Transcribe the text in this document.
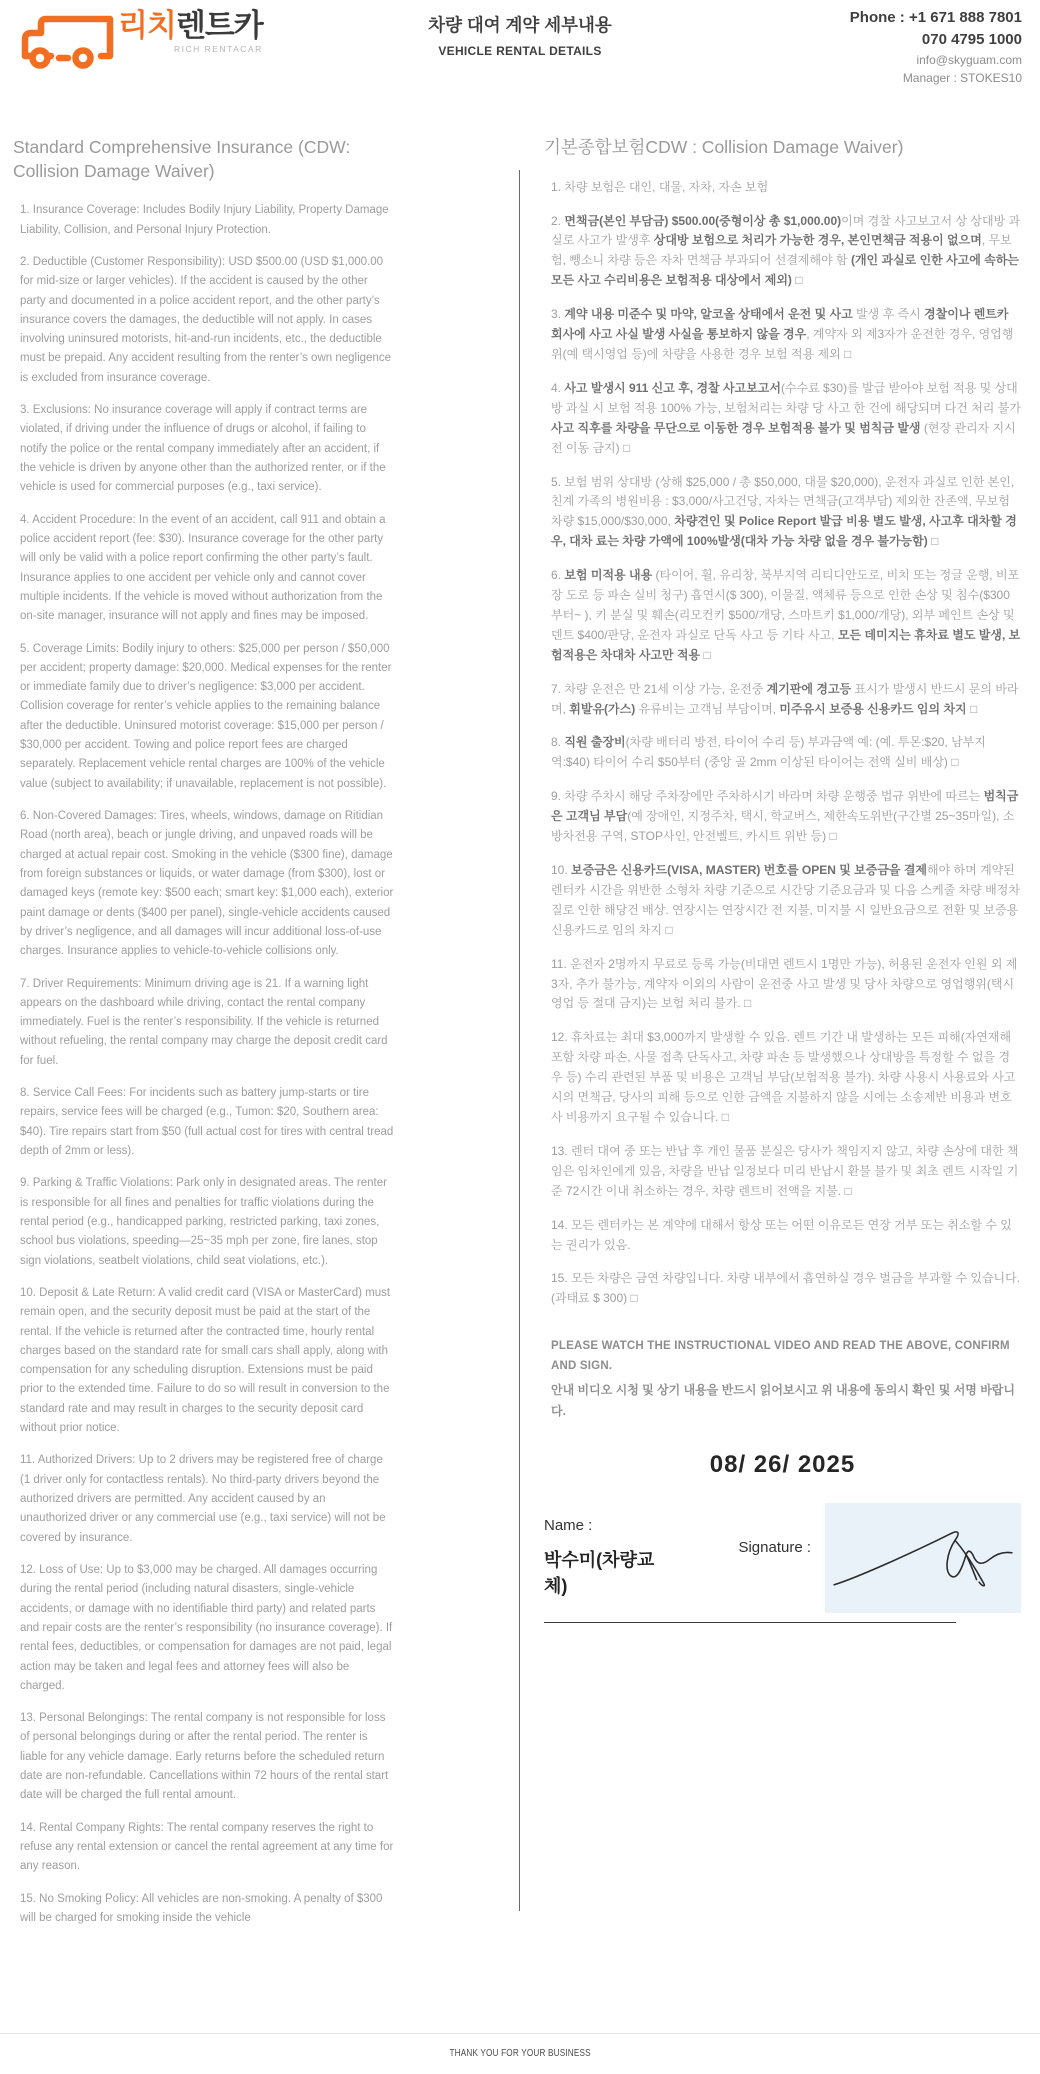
리치렌트카
RICH RENTACAR
차량 대여 계약 세부내용
VEHICLE RENTAL DETAILS
Phone : +1 671 888 7801
070 4795 1000
info@skyguam.com
Manager : STOKES10
Standard Comprehensive Insurance (CDW: Collision Damage Waiver)

1. Insurance Coverage: Includes Bodily Injury Liability, Property Damage Liability, Collision, and Personal Injury Protection.

2. Deductible (Customer Responsibility): USD $500.00 (USD $1,000.00 for mid-size or larger vehicles). If the accident is caused by the other party and documented in a police accident report, and the other party’s insurance covers the damages, the deductible will not apply. In cases involving uninsured motorists, hit-and-run incidents, etc., the deductible must be prepaid. Any accident resulting from the renter’s own negligence is excluded from insurance coverage.

3. Exclusions: No insurance coverage will apply if contract terms are violated, if driving under the influence of drugs or alcohol, if failing to notify the police or the rental company immediately after an accident, if the vehicle is driven by anyone other than the authorized renter, or if the vehicle is used for commercial purposes (e.g., taxi service).

4. Accident Procedure: In the event of an accident, call 911 and obtain a police accident report (fee: $30). Insurance coverage for the other party will only be valid with a police report confirming the other party’s fault. Insurance applies to one accident per vehicle only and cannot cover multiple incidents. If the vehicle is moved without authorization from the on-site manager, insurance will not apply and fines may be imposed.

5. Coverage Limits: Bodily injury to others: $25,000 per person / $50,000 per accident; property damage: $20,000. Medical expenses for the renter or immediate family due to driver’s negligence: $3,000 per accident. Collision coverage for renter’s vehicle applies to the remaining balance after the deductible. Uninsured motorist coverage: $15,000 per person / $30,000 per accident. Towing and police report fees are charged separately. Replacement vehicle rental charges are 100% of the vehicle value (subject to availability; if unavailable, replacement is not possible).

6. Non-Covered Damages: Tires, wheels, windows, damage on Ritidian Road (north area), beach or jungle driving, and unpaved roads will be charged at actual repair cost. Smoking in the vehicle ($300 fine), damage from foreign substances or liquids, or water damage (from $300), lost or damaged keys (remote key: $500 each; smart key: $1,000 each), exterior paint damage or dents ($400 per panel), single-vehicle accidents caused by driver’s negligence, and all damages will incur additional loss-of-use charges. Insurance applies to vehicle-to-vehicle collisions only.

7. Driver Requirements: Minimum driving age is 21. If a warning light appears on the dashboard while driving, contact the rental company immediately. Fuel is the renter’s responsibility. If the vehicle is returned without refueling, the rental company may charge the deposit credit card for fuel.

8. Service Call Fees: For incidents such as battery jump-starts or tire repairs, service fees will be charged (e.g., Tumon: $20, Southern area: $40). Tire repairs start from $50 (full actual cost for tires with central tread depth of 2mm or less).

9. Parking & Traffic Violations: Park only in designated areas. The renter is responsible for all fines and penalties for traffic violations during the rental period (e.g., handicapped parking, restricted parking, taxi zones, school bus violations, speeding—25~35 mph per zone, fire lanes, stop sign violations, seatbelt violations, child seat violations, etc.).

10. Deposit & Late Return: A valid credit card (VISA or MasterCard) must remain open, and the security deposit must be paid at the start of the rental. If the vehicle is returned after the contracted time, hourly rental charges based on the standard rate for small cars shall apply, along with compensation for any scheduling disruption. Extensions must be paid prior to the extended time. Failure to do so will result in conversion to the standard rate and may result in charges to the security deposit card without prior notice.

11. Authorized Drivers: Up to 2 drivers may be registered free of charge (1 driver only for contactless rentals). No third-party drivers beyond the authorized drivers are permitted. Any accident caused by an unauthorized driver or any commercial use (e.g., taxi service) will not be covered by insurance.

12. Loss of Use: Up to $3,000 may be charged. All damages occurring during the rental period (including natural disasters, single-vehicle accidents, or damage with no identifiable third party) and related parts and repair costs are the renter’s responsibility (no insurance coverage). If rental fees, deductibles, or compensation for damages are not paid, legal action may be taken and legal fees and attorney fees will also be charged.

13. Personal Belongings: The rental company is not responsible for loss of personal belongings during or after the rental period. The renter is liable for any vehicle damage. Early returns before the scheduled return date are non-refundable. Cancellations within 72 hours of the rental start date will be charged the full rental amount.

14. Rental Company Rights: The rental company reserves the right to refuse any rental extension or cancel the rental agreement at any time for any reason.

15. No Smoking Policy: All vehicles are non-smoking. A penalty of $300 will be charged for smoking inside the vehicle

기본종합보험CDW : Collision Damage Waiver)

1. 차량 보험은 대인, 대물, 자차, 자손 보험

2. 면책금(본인 부담금) $500.00(중형이상 총 $1,000.00)이며 경찰 사고보고서 상 상대방 과실로 사고가 발생후 상대방 보험으로 처리가 가능한 경우, 본인면책금 적용이 없으며, 무보험, 뺑소니 차량 등은 자차 면책금 부과되어 선결제해야 함 (개인 과실로 인한 사고에 속하는 모든 사고 수리비용은 보험적용 대상에서 제외) □

3. 계약 내용 미준수 및 마약, 알코올 상태에서 운전 및 사고 발생 후 즉시 경찰이나 렌트카 회사에 사고 사실 발생 사실을 통보하지 않을 경우, 계약자 외 제3자가 운전한 경우, 영업행위(예 택시영업 등)에 차량을 사용한 경우 보험 적용 제외 □

4. 사고 발생시 911 신고 후, 경찰 사고보고서(수수료 $30)를 발급 받아야 보험 적용 및 상대방 과실 시 보험 적용 100% 가능, 보험처리는 차량 당 사고 한 건에 해당되며 다건 처리 불가 사고 직후를 차량을 무단으로 이동한 경우 보험적용 불가 및 범칙금 발생 (현장 관리자 지시 전 이동 금지) □

5. 보험 범위 상대방 (상해 $25,000 / 총 $50,000, 대물 $20,000), 운전자 과실로 인한 본인, 친계 가족의 병원비용 : $3,000/사고건당, 자차는 면책금(고객부담) 제외한 잔존액, 무보험차량 $15,000/$30,000, 차량견인 및 Police Report 발급 비용 별도 발생, 사고후 대차할 경우, 대차 료는 차량 가액에 100%발생(대차 가능 차량 없을 경우 불가능함) □

6. 보험 미적용 내용 (타이어, 휠, 유리창, 북부지역 리티디안도로, 비치 또는 정글 운행, 비포장 도로 등 파손 실비 청구) 흡연시($ 300), 이물질, 액체류 등으로 인한 손상 및 침수($300부터~ ), 키 분실 및 훼손(리모컨키 $500/개당, 스마트키 $1,000/개당), 외부 페인트 손상 및 덴트 $400/판당, 운전자 과실로 단독 사고 등 기타 사고, 모든 데미지는 휴차료 별도 발생, 보험적용은 차대차 사고만 적용 □

7. 차량 운전은 만 21세 이상 가능, 운전중 계기판에 경고등 표시가 발생시 반드시 문의 바라며, 휘발유(가스) 유류비는 고객님 부담이며, 미주유시 보증용 신용카드 임의 차지 □

8. 직원 출장비(차량 배터리 방전, 타이어 수리 등) 부과금액 예: (예. 투몬:$20, 남부지역:$40) 타이어 수리 $50부터 (중앙 골 2mm 이상된 타이어는 전액 실비 배상) □

9. 차량 주차시 해당 주차장에만 주차하시기 바라며 차량 운행중 법규 위반에 따르는 범칙금은 고객님 부담(예 장애인, 지정주차, 택시, 학교버스, 제한속도위반(구간별 25~35마일), 소방차전용 구역, STOP사인, 안전벨트, 카시트 위반 등) □

10. 보증금은 신용카드(VISA, MASTER) 번호를 OPEN 및 보증금을 결제해야 하며 계약된 렌터카 시간을 위반한 소형차 차량 기준으로 시간당 기준요금과 및 다음 스케줄 차량 배정차질로 인한 해당건 배상. 연장시는 연장시간 전 지불, 미지불 시 일반요금으로 전환 및 보증용 신용카드로 임의 차지 □

11. 운전자 2명까지 무료로 등록 가능(비대면 렌트시 1명만 가능), 허용된 운전자 인원 외 제3자, 추가 불가능, 계약자 이외의 사람이 운전중 사고 발생 및 당사 차량으로 영업행위(택시영업 등 절대 금지)는 보험 처리 불가. □

12. 휴차료는 최대 $3,000까지 발생할 수 있음. 렌트 기간 내 발생하는 모든 피해(자연재해포함 차량 파손, 사물 접촉 단독사고, 차량 파손 등 발생했으나 상대방을 특정할 수 없을 경우 등) 수리 관련된 부품 및 비용은 고객님 부담(보험적용 불가). 차량 사용시 사용료와 사고시의 면책금, 당사의 피해 등으로 인한 금액을 지불하지 않을 시에는 소송제반 비용과 변호사 비용까지 요구될 수 있습니다. □

13. 렌터 대여 중 또는 반납 후 개인 물품 분실은 당사가 책임지지 않고, 차량 손상에 대한 책임은 임차인에게 있음, 차량을 반납 일정보다 미리 반납시 환불 불가 및 최초 렌트 시작일 기준 72시간 이내 취소하는 경우, 차량 렌트비 전액을 지불. □

14. 모든 렌터카는 본 계약에 대해서 항상 또는 어떤 이유로든 연장 거부 또는 취소할 수 있는 권리가 있음.

15. 모든 차량은 금연 차량입니다. 차량 내부에서 흡연하실 경우 벌금을 부과할 수 있습니다. (과태료 $ 300) □

PLEASE WATCH THE INSTRUCTIONAL VIDEO AND READ THE ABOVE, CONFIRM AND SIGN.
안내 비디오 시청 및 상기 내용을 반드시 읽어보시고 위 내용에 동의시 확인 및 서명 바랍니다.
08/ 26/ 2025
Name :
박수미(차량교체)
Signature :
THANK YOU FOR YOUR BUSINESS
